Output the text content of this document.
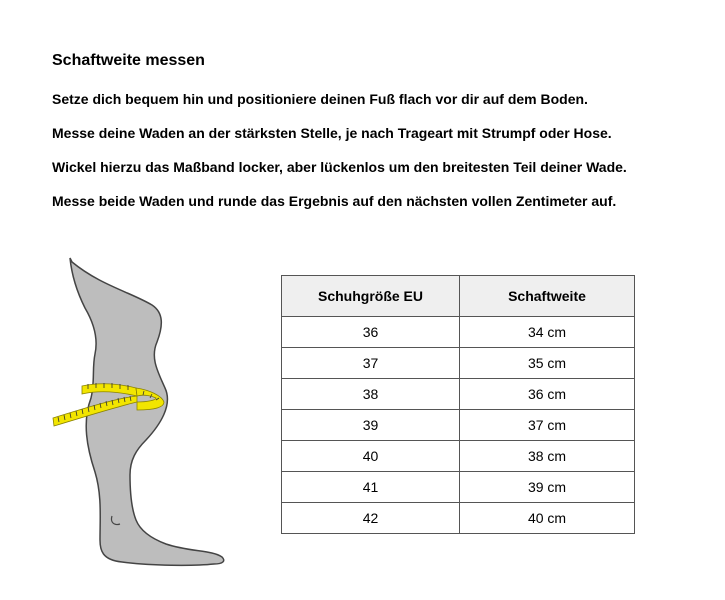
Schaftweite messen
Setze dich bequem hin und positioniere deinen Fuß flach vor dir auf dem Boden.
Messe deine Waden an der stärksten Stelle, je nach Trageart mit Strumpf oder Hose.
Wickel hierzu das Maßband locker, aber lückenlos um den breitesten Teil deiner Wade.
Messe beide Waden und runde das Ergebnis auf den nächsten vollen Zentimeter auf.
Schuhgröße EU	Schaftweite
36	34 cm
37	35 cm
38	36 cm
39	37 cm
40	38 cm
41	39 cm
42	40 cm
